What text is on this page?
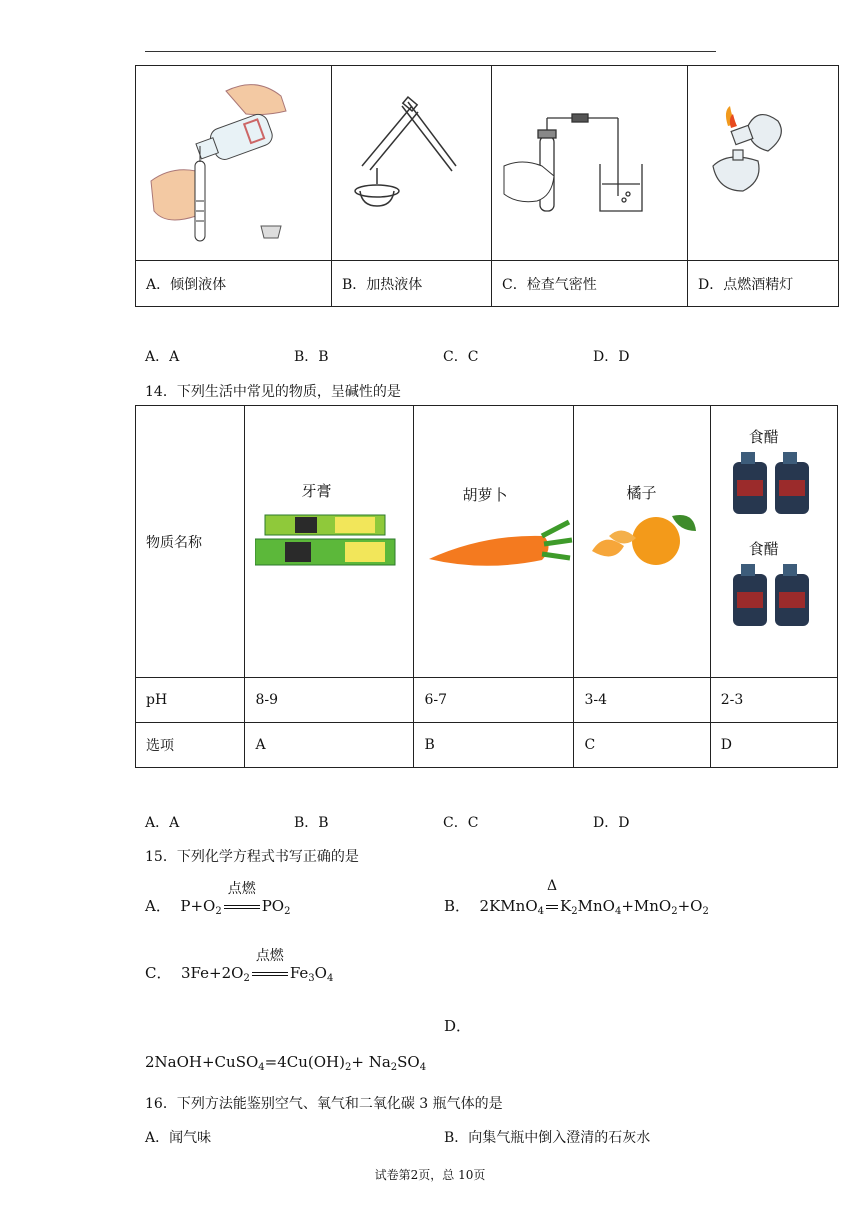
A．倾倒液体	B．加热液体	C．检查气密性	D．点燃酒精灯
A．A	B．B	C．C	D．D
14．下列生活中常见的物质，呈碱性的是
物质名称	牙膏	胡萝卜	橘子	食醋
食醋

pH	8-9	6-7	3-4	2-3
选项	A	B	C	D
A．A	B．B	C．C	D．D
15．下列化学方程式书写正确的是
A．  $P+O_2$
点燃
$PO_2$	B．  2KMnO$_4$
Δ
$K_2MnO_4+MnO_2+O_2$
C．  $3Fe+2O_2$
点燃
$Fe_3O_4$
D．
$2NaOH+CuSO_4=4Cu(OH)_2+ Na_2SO_4$
16．下列方法能鉴别空气、氧气和二氧化碳 3 瓶气体的是
A．闻气味	B．向集气瓶中倒入澄清的石灰水
试卷第2页，总 10页
